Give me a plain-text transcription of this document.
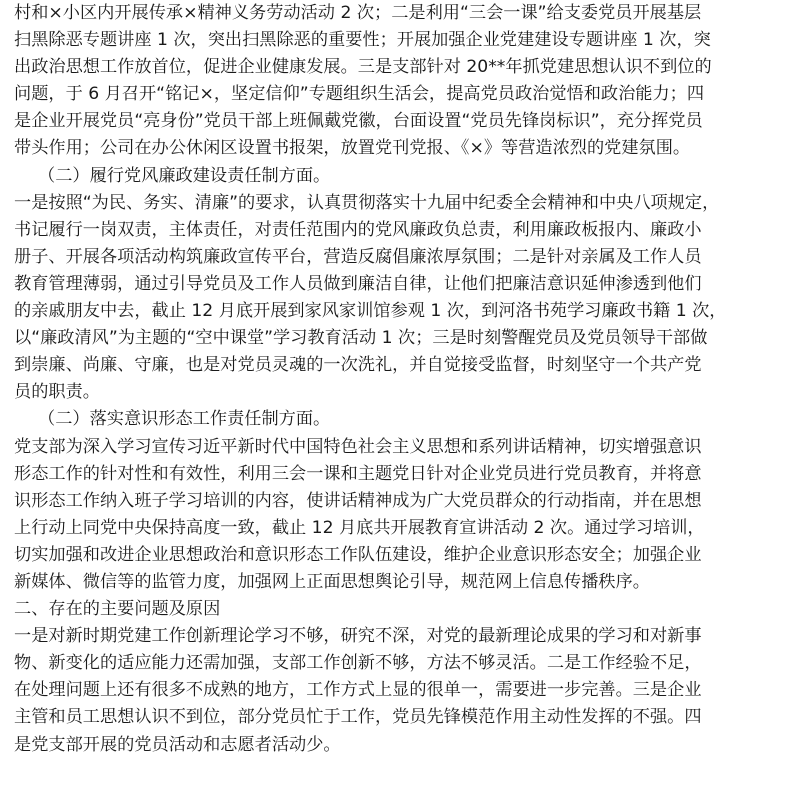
村和×小区内开展传承×精神义务劳动活动 2 次；二是利用“三会一课”给支委党员开展基层
扫黑除恶专题讲座 1 次，突出扫黑除恶的重要性；开展加强企业党建建设专题讲座 1 次，突
出政治思想工作放首位，促进企业健康发展。三是支部针对 20**年抓党建思想认识不到位的
问题，于 6 月召开“铭记×，坚定信仰”专题组织生活会，提高党员政治觉悟和政治能力；四
是企业开展党员“亮身份”党员干部上班佩戴党徽，台面设置“党员先锋岗标识”，充分挥党员
带头作用；公司在办公休闲区设置书报架，放置党刊党报、《×》等营造浓烈的党建氛围。
（二）履行党风廉政建设责任制方面。
一是按照“为民、务实、清廉”的要求，认真贯彻落实十九届中纪委全会精神和中央八项规定，
书记履行一岗双责，主体责任，对责任范围内的党风廉政负总责，利用廉政板报内、廉政小
册子、开展各项活动构筑廉政宣传平台，营造反腐倡廉浓厚氛围；二是针对亲属及工作人员
教育管理薄弱，通过引导党员及工作人员做到廉洁自律，让他们把廉洁意识延伸渗透到他们
的亲戚朋友中去，截止 12 月底开展到家风家训馆参观 1 次，到河洛书苑学习廉政书籍 1 次，
以“廉政清风”为主题的“空中课堂”学习教育活动 1 次；三是时刻警醒党员及党员领导干部做
到崇廉、尚廉、守廉，也是对党员灵魂的一次洗礼，并自觉接受监督，时刻坚守一个共产党
员的职责。
（二）落实意识形态工作责任制方面。
党支部为深入学习宣传习近平新时代中国特色社会主义思想和系列讲话精神，切实增强意识
形态工作的针对性和有效性，利用三会一课和主题党日针对企业党员进行党员教育，并将意
识形态工作纳入班子学习培训的内容，使讲话精神成为广大党员群众的行动指南，并在思想
上行动上同党中央保持高度一致，截止 12 月底共开展教育宣讲活动 2 次。通过学习培训，
切实加强和改进企业思想政治和意识形态工作队伍建设，维护企业意识形态安全；加强企业
新媒体、微信等的监管力度，加强网上正面思想舆论引导，规范网上信息传播秩序。
二、存在的主要问题及原因
一是对新时期党建工作创新理论学习不够，研究不深，对党的最新理论成果的学习和对新事
物、新变化的适应能力还需加强，支部工作创新不够，方法不够灵活。二是工作经验不足，
在处理问题上还有很多不成熟的地方，工作方式上显的很单一，需要进一步完善。三是企业
主管和员工思想认识不到位，部分党员忙于工作，党员先锋模范作用主动性发挥的不强。四
是党支部开展的党员活动和志愿者活动少。
